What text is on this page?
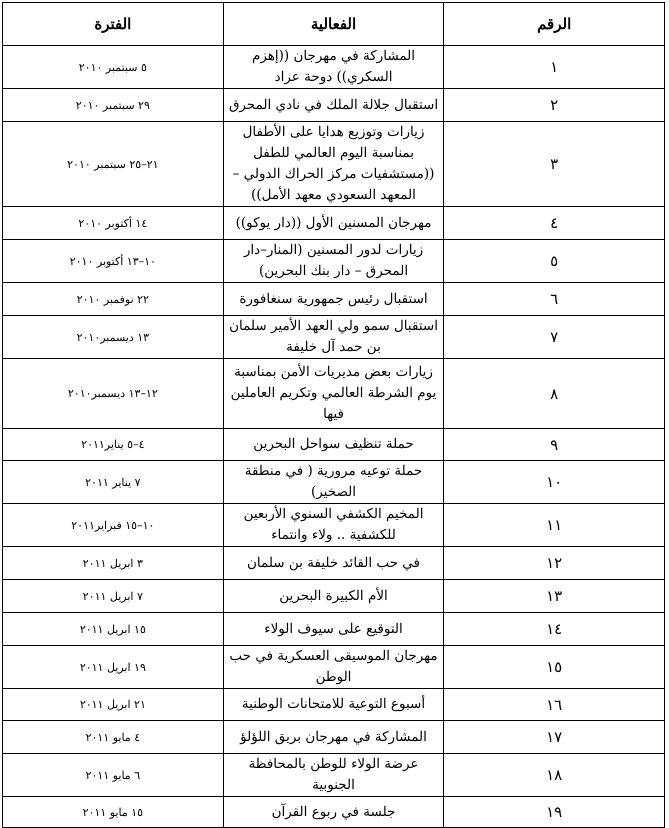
الرقم	الفعالية	الفترة
١	المشاركة في مهرجان ((إهزم السكري)) دوحة عراد	٥ سبتمبر ٢٠١٠
٢	استقبال جلالة الملك في نادي المحرق	٢٩ سبتمبر ٢٠١٠
٣	زيارات وتوزيع هدايا على الأطفال بمناسبة اليوم العالمي للطفل ((مستشفيات مركز الحراك الدولي – المعهد السعودي معهد الأمل))	٢١–٢٥ سبتمبر ٢٠١٠
٤	مهرجان المسنين الأول ((دار يوكو))	١٤ أكتوبر ٢٠١٠
٥	زيارات لدور المسنين (المنار–دار المحرق – دار بنك البحرين)	١٠–١٣ أكتوبر ٢٠١٠
٦	استقبال رئيس جمهورية سنغافورة	٢٢ نوفمبر ٢٠١٠
٧	استقبال سمو ولي العهد الأمير سلمان بن حمد آل خليفة	١٣ ديسمبر٢٠١٠
٨	زيارات بعض مديريات الأمن بمناسبة يوم الشرطة العالمي وتكريم العاملين فيها	١٢–١٣ ديسمبر٢٠١٠
٩	حملة تنظيف سواحل البحرين	٤–٥ يناير٢٠١١
١٠	حملة توعيه مرورية ( في منطقة الصخير)	٧ يناير ٢٠١١
١١	المخيم الكشفي السنوي الأربعين للكشفية .. ولاء وانتماء	١٠–١٥ فبراير٢٠١١
١٢	في حب القائد خليفة بن سلمان	٣ ابريل ٢٠١١
١٣	الأم الكبيرة البحرين	٧ ابريل ٢٠١١
١٤	التوقيع على سيوف الولاء	١٥ ابريل ٢٠١١
١٥	مهرجان الموسيقى العسكرية في حب الوطن	١٩ ابريل ٢٠١١
١٦	أسبوع التوعية للامتحانات الوطنية	٢١ ابريل ٢٠١١
١٧	المشاركة في مهرجان بريق اللؤلؤ	٤ مايو ٢٠١١
١٨	عرضة الولاء للوطن بالمحافظة الجنوبية	٦ مايو ٢٠١١
١٩	جلسة في ربوع القرآن	١٥ مايو ٢٠١١
